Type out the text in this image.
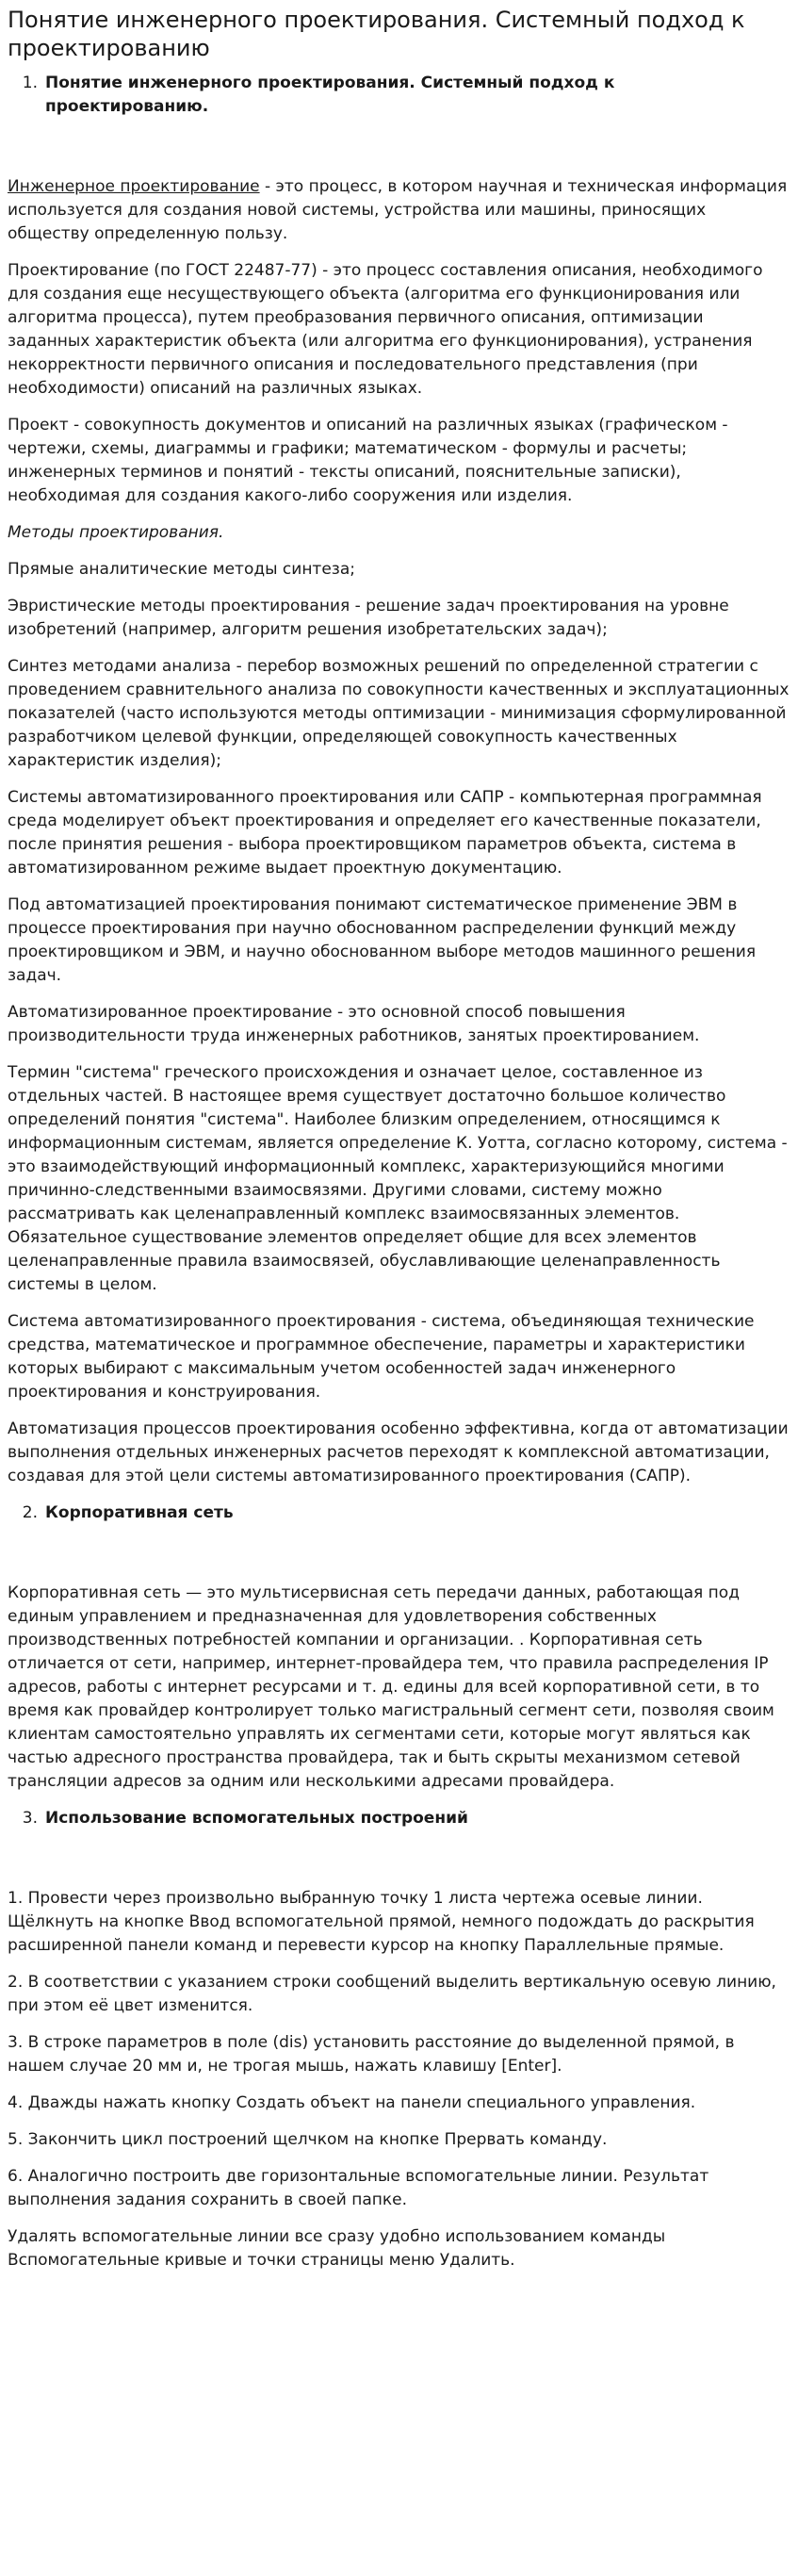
Понятие инженерного проектирования. Системный подход к проектированию
1. Понятие инженерного проектирования. Системный подход к проектированию.

Инженерное проектирование - это процесс, в котором научная и техническая информация используется для создания новой системы, устройства или машины, приносящих обществу определенную пользу.

Проектирование (по ГОСТ 22487-77) - это процесс составления описания, необходимого для создания еще несуществующего объекта (алгоритма его функционирования или алгоритма процесса), путем преобразования первичного описания, оптимизации заданных характеристик объекта (или алгоритма его функционирования), устранения некорректности первичного описания и последовательного представления (при необходимости) описаний на различных языках.

Проект - совокупность документов и описаний на различных языках (графическом - чертежи, схемы, диаграммы и графики; математическом - формулы и расчеты; инженерных терминов и понятий - тексты описаний, пояснительные записки), необходимая для создания какого-либо сооружения или изделия.

Методы проектирования.

Прямые аналитические методы синтеза;

Эвристические методы проектирования - решение задач проектирования на уровне изобретений (например, алгоритм решения изобретательских задач);

Синтез методами анализа - перебор возможных решений по определенной стратегии с проведением сравнительного анализа по совокупности качественных и эксплуатационных показателей (часто используются методы оптимизации - минимизация сформулированной разработчиком целевой функции, определяющей совокупность качественных характеристик изделия);

Системы автоматизированного проектирования или САПР - компьютерная программная среда моделирует объект проектирования и определяет его качественные показатели, после принятия решения - выбора проектировщиком параметров объекта, система в автоматизированном режиме выдает проектную документацию.

Под автоматизацией проектирования понимают систематическое применение ЭВМ в процессе проектирования при научно обоснованном распределении функций между проектировщиком и ЭВМ, и научно обоснованном выборе методов машинного решения задач.

Автоматизированное проектирование - это основной способ повышения производительности труда инженерных работников, занятых проектированием.

Термин "система" греческого происхождения и означает целое, составленное из отдельных частей. В настоящее время существует достаточно большое количество определений понятия "система". Наиболее близким определением, относящимся к информационным системам, является определение К. Уотта, согласно которому, система - это взаимодействующий информационный комплекс, характеризующийся многими причинно-следственными взаимосвязями. Другими словами, систему можно рассматривать как целенаправленный комплекс взаимосвязанных элементов. Обязательное существование элементов определяет общие для всех элементов целенаправленные правила взаимосвязей, обуславливающие целенаправленность системы в целом.

Система автоматизированного проектирования - система, объединяющая технические средства, математическое и программное обеспечение, параметры и характеристики которых выбирают с максимальным учетом особенностей задач инженерного проектирования и конструирования.

Автоматизация процессов проектирования особенно эффективна, когда от автоматизации выполнения отдельных инженерных расчетов переходят к комплексной автоматизации, создавая для этой цели системы автоматизированного проектирования (САПР).

2. Корпоративная сеть

Корпоративная сеть — это мультисервисная сеть передачи данных, работающая под единым управлением и предназначенная для удовлетворения собственных производственных потребностей компании и организации. . Корпоративная сеть отличается от сети, например, интернет-провайдера тем, что правила распределения IP адресов, работы с интернет ресурсами и т. д. едины для всей корпоративной сети, в то время как провайдер контролирует только магистральный сегмент сети, позволяя своим клиентам самостоятельно управлять их сегментами сети, которые могут являться как частью адресного пространства провайдера, так и быть скрыты механизмом сетевой трансляции адресов за одним или несколькими адресами провайдера.

3. Использование вспомогательных построений

1. Провести через произвольно выбранную точку 1 листа чертежа осевые линии. Щёлкнуть на кнопке Ввод вспомогательной прямой, немного подождать до раскрытия расширенной панели команд и перевести курсор на кнопку Параллельные прямые.

2. В соответствии с указанием строки сообщений выделить вертикальную осевую линию, при этом её цвет изменится.

3. В строке параметров в поле (dis) установить расстояние до выделенной прямой, в нашем случае 20 мм и, не трогая мышь, нажать клавишу [Enter].

4. Дважды нажать кнопку Создать объект на панели специального управления.

5. Закончить цикл построений щелчком на кнопке Прервать команду.

6. Аналогично построить две горизонтальные вспомогательные линии. Результат выполнения задания сохранить в своей папке.

Удалять вспомогательные линии все сразу удобно использованием команды Вспомогательные кривые и точки страницы меню Удалить.
